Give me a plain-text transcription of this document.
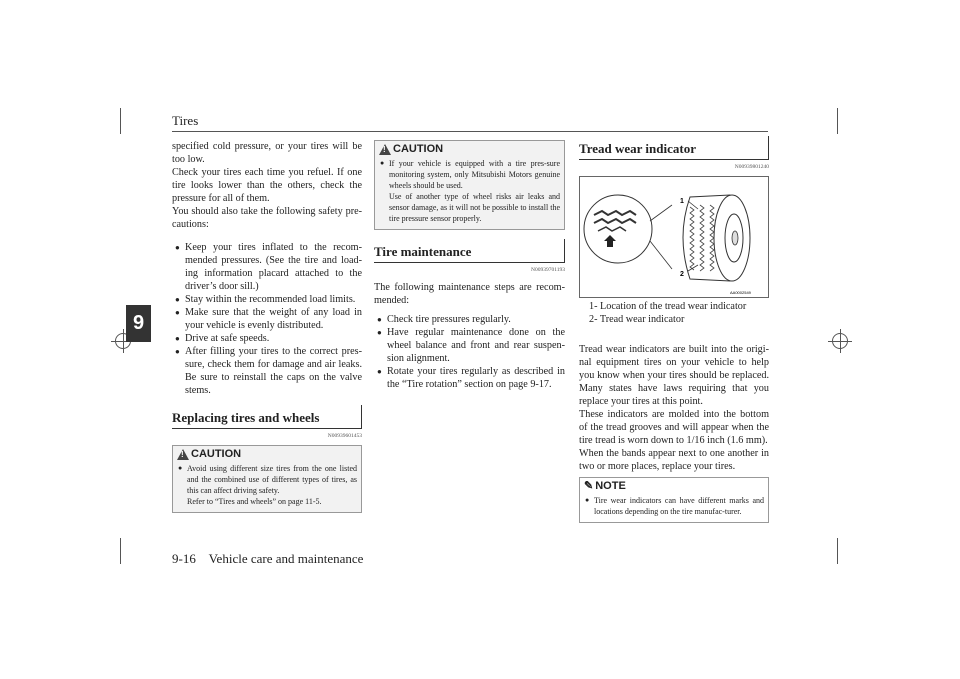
Tires
9

specified cold pressure, or your tires will be too low.

Check your tires each time you refuel. If one tire looks lower than the others, check the pressure for all of them.

You should also take the following safety pre-cautions:

● Keep your tires inflated to the recom-mended pressures. (See the tire and load-ing information placard attached to the driver’s door sill.)
● Stay within the recommended load limits.
● Make sure that the weight of any load in your vehicle is evenly distributed.
● Drive at safe speeds.
● After filling your tires to the correct pres-sure, check them for damage and air leaks. Be sure to reinstall the caps on the valve stems.
Replacing tires and wheels
N00939601453
! CAUTION
● Avoid using different size tires from the one listed and the combined use of different types of tires, as this can affect driving safety.
Refer to “Tires and wheels” on page 11-5.
! CAUTION
● If your vehicle is equipped with a tire pres-sure monitoring system, only Mitsubishi Motors genuine wheels should be used.
Use of another type of wheel risks air leaks and sensor damage, as it will not be possible to install the tire pressure sensor properly.
Tire maintenance
N00939701193

The following maintenance steps are recom-mended:

● Check tire pressures regularly.
● Have regular maintenance done on the wheel balance and front and rear suspen-sion alignment.
● Rotate your tires regularly as described in the “Tire rotation” section on page 9-17.
Tread wear indicator
N00939801240
1
2
AA0002549
1- Location of the tread wear indicator
2- Tread wear indicator

Tread wear indicators are built into the origi-nal equipment tires on your vehicle to help you know when your tires should be replaced. Many states have laws requiring that you replace your tires at this point.

These indicators are molded into the bottom of the tread grooves and will appear when the tire tread is worn down to 1/16 inch (1.6 mm).

When the bands appear next to one another in two or more places, replace your tires.

✎ NOTE
● Tire wear indicators can have different marks and locations depending on the tire manufac-turer.
9-16 Vehicle care and maintenance
